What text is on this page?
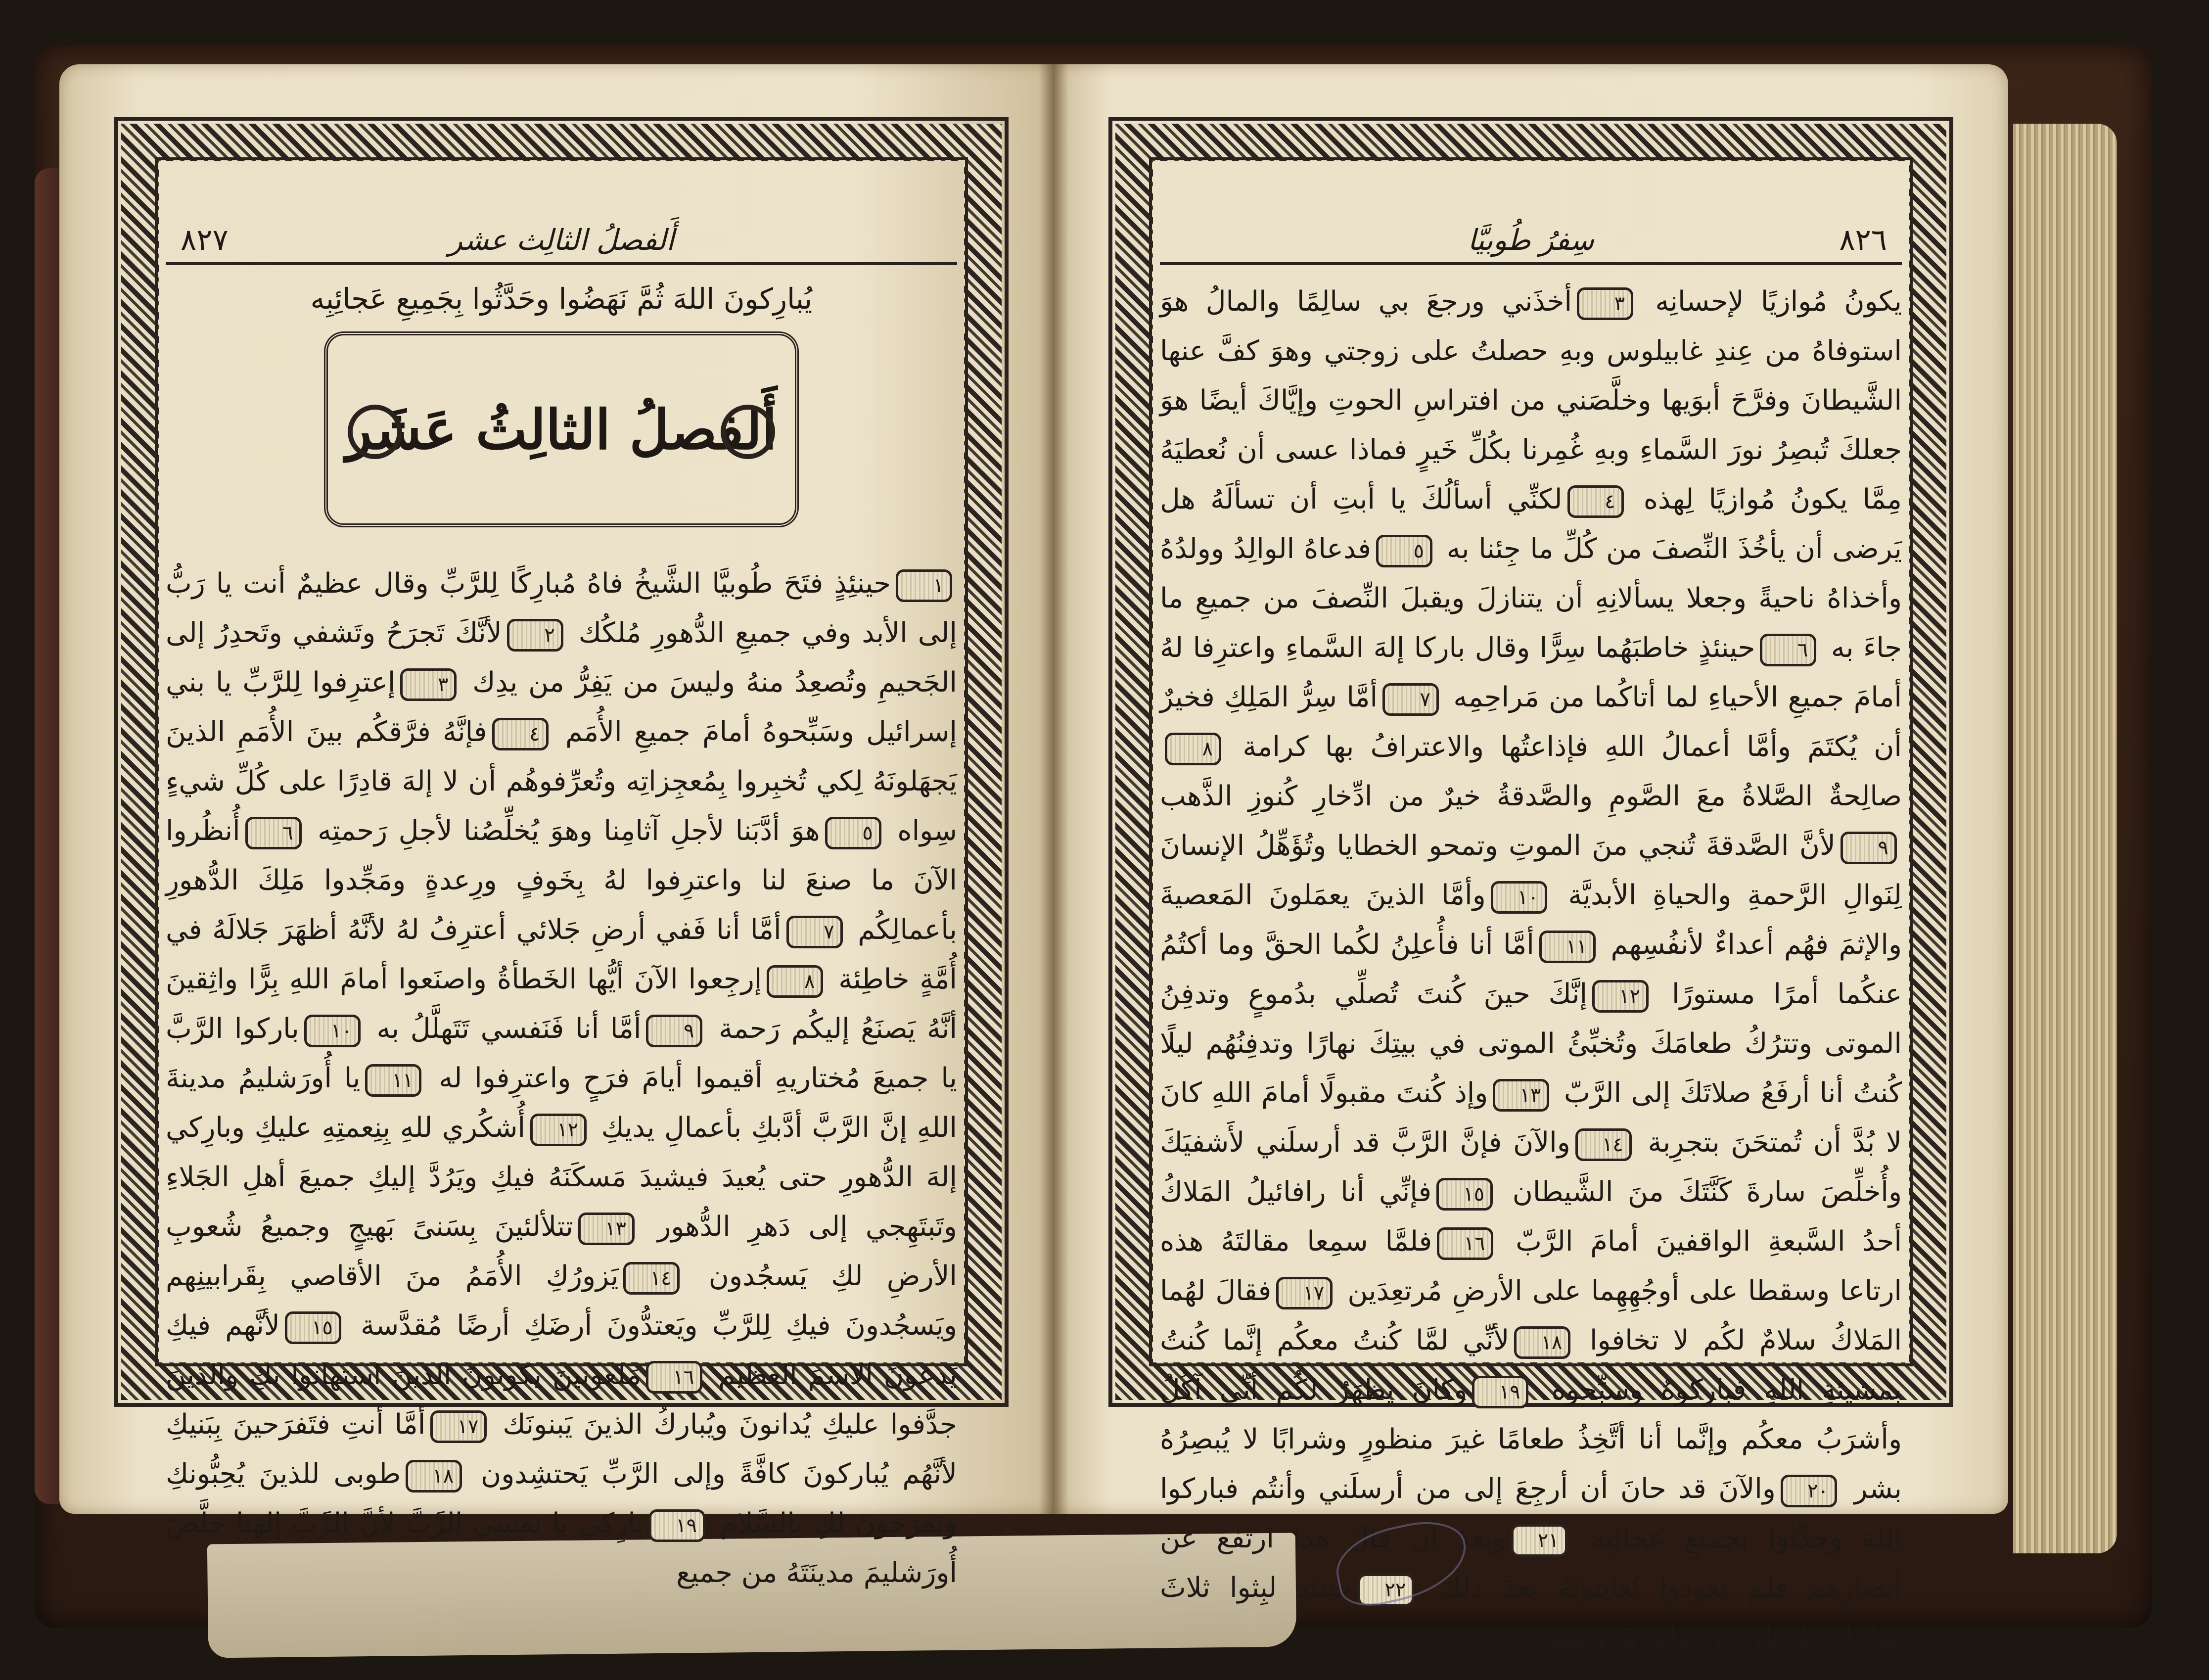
٨٢٧	أَلفصلُ الثالِث عشر
يُبارِكونَ اللهَ ثُمَّ نَهَضُوا وحَدَّثُوا بِجَمِيعِ عَجائِبِه
أَلفصلُ الثالِثُ عَشَر
١حينئِذٍ فتَحَ طُوبيَّا الشَّيخُ فاهُ مُبارِكًا لِلرَّبِّ وقال عظيمٌ أنت يا رَبُّ إلى الأبد وفي جميعِ الدُّهورِ مُلكُك ٢لأنَّكَ تَجرَحُ وتَشفي وتَحدِرُ إلى الجَحيمِ وتُصعِدُ منهُ وليسَ من يَفِرُّ من يدِك ٣إعترِفوا لِلرَّبِّ يا بني إسرائيل وسَبِّحوهُ أمامَ جميعِ الأُمَم ٤فإنَّهُ فرَّقكُم بينَ الأُمَمِ الذينَ يَجهَلونَهُ لِكي تُخبِروا بِمُعجِزاتِه وتُعرِّفوهُم أن لا إلهَ قادِرًا على كُلِّ شيءٍ سِواه ٥هوَ أدَّبَنا لأجلِ آثامِنا وهوَ يُخلِّصُنا لأجلِ رَحمتِه ٦أُنظُروا الآنَ ما صنعَ لنا واعترِفوا لهُ بِخَوفٍ ورِعدةٍ ومَجِّدوا مَلِكَ الدُّهورِ بأعمالِكُم ٧أمَّا أنا فَفي أرضِ جَلائي أعترِفُ لهُ لأنَّهُ أظهَرَ جَلالَهُ في أُمَّةٍ خاطِئة ٨إرجِعوا الآنَ أيُّها الخَطأةُ واصنَعوا أمامَ اللهِ بِرًّا واثِقينَ أنَّهُ يَصنَعُ إليكُم رَحمة ٩أمَّا أنا فَنَفسي تَتَهلَّلُ به ١٠باركوا الرَّبَّ يا جميعَ مُختاريهِ أقيموا أيامَ فرَحٍ واعترِفوا له ١١يا أُورَشليمُ مدينةَ اللهِ إنَّ الرَّبَّ أدَّبكِ بأعمالِ يديكِ ١٢أُشكُري للهِ بِنِعمتِهِ عليكِ وبارِكي إلهَ الدُّهورِ حتى يُعيدَ فيشيدَ مَسكَنَهُ فيكِ ويَرُدَّ إليكِ جميعَ أهلِ الجَلاءِ وتَبتَهِجي إلى دَهرِ الدُّهور ١٣تتلألئينَ بِسَنىً بَهيجٍ وجميعُ شُعوبِ الأرضِ لكِ يَسجُدون ١٤يَزورُكِ الأُمَمُ منَ الأقاصي بِقَرابينِهم ويَسجُدونَ فيكِ لِلرَّبِّ ويَعتدُّونَ أرضَكِ أرضًا مُقدَّسة ١٥لأنَّهم فيكِ يَدعونَ الاسمَ العظيم ١٦مَلعونينَ يكونونَ الذينَ استهانوا بكِ والذينَ جدَّفوا عليكِ يُدانونَ ويُباركُ الذينَ يَبنونَك ١٧أمَّا أنتِ فتَفرَحينَ بِبَنيكِ لأنَّهُم يُباركونَ كافَّةً وإلى الرَّبِّ يَحتشِدون ١٨طوبى للذينَ يُحِبُّونكِ ويَفرَحونَ لكِ بالسَّلام ١٩بارِكي يا نفسي الرَّبَّ لأنَّ الرَّبَّ إلهَنا خلَّصَ أُورَشليمَ مدينَتَهُ من جميع
٨٢٦
سِفرُ طُوبيَّا
يكونُ مُوازيًا لإحسانِه ٣أخذَني ورجعَ بي سالِمًا والمالُ هوَ استوفاهُ من عِندِ غابيلوس وبهِ حصلتُ على زوجتي وهوَ كفَّ عنها الشَّيطانَ وفرَّحَ أبوَيها وخلَّصَني من افتراسِ الحوتِ وإيَّاكَ أيضًا هوَ جعلكَ تُبصِرُ نورَ السَّماءِ وبهِ غُمِرنا بكُلِّ خَيرٍ فماذا عسى أن نُعطيَهُ مِمَّا يكونُ مُوازيًا لِهذه ٤لكنِّي أسألُكَ يا أبتِ أن تسألَهُ هل يَرضى أن يأخُذَ النِّصفَ من كُلِّ ما جِئنا به ٥فدعاهُ الوالِدُ وولدُهُ وأخذاهُ ناحيةً وجعلا يسألانِهِ أن يتنازلَ ويقبلَ النِّصفَ من جميعِ ما جاءَ به ٦حينئذٍ خاطبَهُما سِرًّا وقال باركا إلهَ السَّماءِ واعترِفا لهُ أمامَ جميعِ الأحياءِ لما أتاكُما من مَراحِمِه ٧أمَّا سِرُّ المَلِكِ فخيرٌ أن يُكتَمَ وأمَّا أعمالُ اللهِ فإذاعتُها والاعترافُ بها كرامة ٨صالِحةٌ الصَّلاةُ معَ الصَّومِ والصَّدقةُ خيرٌ من ادِّخارِ كُنوزِ الذَّهب ٩لأنَّ الصَّدقةَ تُنجي منَ الموتِ وتمحو الخطايا وتُؤَهِّلُ الإنسانَ لِنَوالِ الرَّحمةِ والحياةِ الأبديَّة ١٠وأمَّا الذينَ يعمَلونَ المَعصيةَ والإثمَ فهُم أعداءٌ لأنفُسِهم ١١أمَّا أنا فأُعلِنُ لكُما الحقَّ وما أكتُمُ عنكُما أمرًا مستورًا ١٢إنَّكَ حينَ كُنتَ تُصلِّي بدُموعٍ وتدفِنُ الموتى وتترُكُ طعامَكَ وتُخبِّئُ الموتى في بيتِكَ نهارًا وتدفِنُهُم ليلًا كُنتُ أنا أرفَعُ صلاتَكَ إلى الرَّبّ ١٣وإذ كُنتَ مقبولًا أمامَ اللهِ كانَ لا بُدَّ أن تُمتحَنَ بتجرِبة ١٤والآنَ فإنَّ الرَّبَّ قد أرسلَني لأَشفيَكَ وأُخلِّصَ سارةَ كَنَّتَكَ منَ الشَّيطان ١٥فإنِّي أنا رافائيلُ المَلاكُ أحدُ السَّبعةِ الواقفينَ أمامَ الرَّبّ ١٦فلمَّا سمِعا مقالتَهُ هذه ارتاعا وسقطا على أوجُهِهِما على الأرضِ مُرتعِدَين ١٧فقالَ لهُما المَلاكُ سلامٌ لكُم لا تخافوا ١٨لأنِّي لمَّا كُنتُ معكُم إنَّما كُنتُ بمشيئةِ اللهِ فباركوهُ وسبِّحوه ١٩وكانَ يظهَرُ لكُم أنِّي آكُلُ وأشرَبُ معكُم وإنَّما أنا أتَّخِذُ طعامًا غيرَ منظورٍ وشرابًا لا يُبصِرُهُ بشر ٢٠والآنَ قد حانَ أن أرجِعَ إلى من أرسلَني وأنتُم فباركوا اللهَ وحدِّثوا بجميعِ عجائِبِه ٢١وبعدَ أن قالَ هذا ارتفعَ عن أبصارِهِم فلم يعودوا يُعاينونَهُ بعدَ ذلك ٢٢حينئذٍ لبِثوا ثلاثَ ساعاتٍ مُنطرِحينَ على وُجوهِهِم
